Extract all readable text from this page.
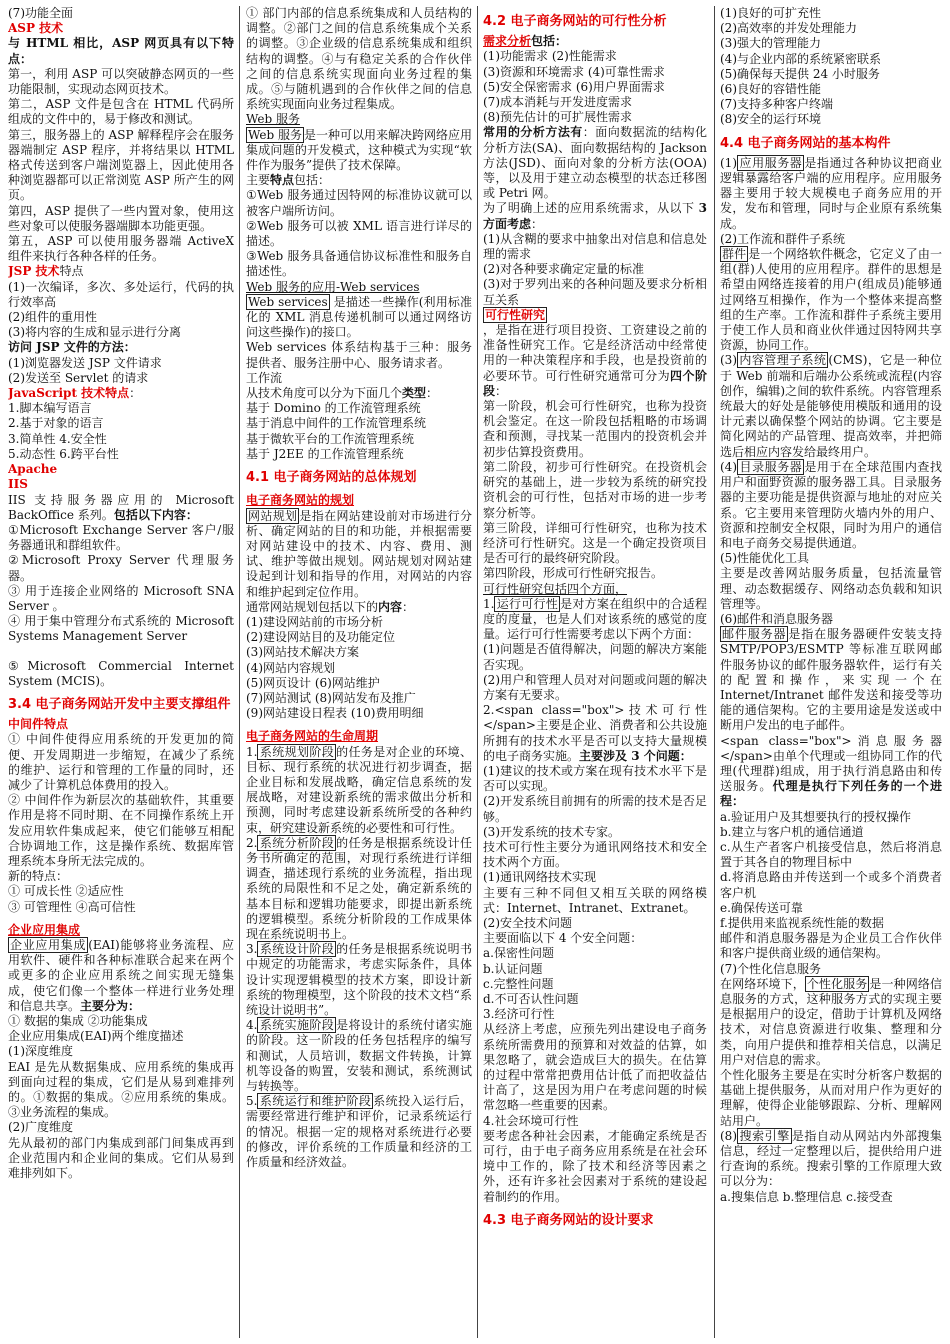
(7)功能全面

ASP 技术

与 HTML 相比，ASP 网页具有以下特点：

第一，利用 ASP 可以突破静态网页的一些功能限制，实现动态网页技术。

第二，ASP 文件是包含在 HTML 代码所组成的文件中的，易于修改和测试。

第三，服务器上的 ASP 解释程序会在服务器端制定 ASP 程序，并将结果以 HTML 格式传送到客户端浏览器上，因此使用各种浏览器都可以正常浏览 ASP 所产生的网页。

第四，ASP 提供了一些内置对象，使用这些对象可以使服务器端脚本功能更强。

第五，ASP 可以使用服务器端 ActiveX 组件来执行各种各样的任务。

JSP 技术特点

(1)一次编译，多次、多处运行，代码的执行效率高

(2)组件的重用性

(3)将内容的生成和显示进行分离

访问 JSP 文件的方法：

(1)浏览器发送 JSP 文件请求

(2)发送至 Servlet 的请求

JavaScript 技术特点：

1.脚本编写语言

2.基于对象的语言

3.简单性 4.安全性

5.动态性 6.跨平台性

Apache

IIS

IIS 支持服务器应用的 Microsoft BackOffice 系列。包括以下内容：

①Microsoft Exchange Server 客户/服务器通讯和群组软件。

②Microsoft Proxy Server 代理服务器。

③ 用于连接企业网络的 Microsoft SNA Server 。

④ 用于集中管理分布式系统的 Microsoft Systems Management Server

⑤Microsoft Commercial Internet System (MCIS)。

3.4 电子商务网站开发中主要支撑组件

中间件特点

① 中间件使得应用系统的开发更加的简便、开发周期进一步缩短，在减少了系统的维护、运行和管理的工作量的同时，还减少了计算机总体费用的投入。

② 中间件作为新层次的基础软件，其重要作用是将不同时期、在不同操作系统上开发应用软件集成起来，使它们能够互相配合协调地工作，这是操作系统、数据库管理系统本身所无法完成的。

新的特点：

① 可成长性 ②适应性

③ 可管理性 ④高可信性

企业应用集成

企业应用集成 (EAI)能够将业务流程、应用软件、硬件和各种标准联合起来在两个或更多的企业应用系统之间实现无缝集成，使它们像一个整体一样进行业务处理和信息共享。主要分为：

① 数据的集成 ②功能集成

企业应用集成(EAI)两个维度描述

(1)深度维度

EAI 是先从数据集成、应用系统的集成再到面向过程的集成，它们是从易到难排列的。①数据的集成。②应用系统的集成。 ③业务流程的集成。

(2)广度维度

先从最初的部门内集成到部门间集成再到企业范围内和企业间的集成。它们从易到难排列如下。

① 部门内部的信息系统集成和人员结构的调整。②部门之间的信息系统集成个关系的调整。③企业级的信息系统集成和组织结构的调整。④与有稳定关系的合作伙伴之间的信息系统实现面向业务过程的集成。⑤与随机遇到的合作伙伴之间的信息系统实现面向业务过程集成。

Web 服务

Web 服务 是一种可以用来解决跨网络应用集成问题的开发模式，这种模式为实现“软件作为服务”提供了技术保障。

主要特点包括：

①Web 服务通过因特网的标准协议就可以被客户端所访问。

②Web 服务可以被 XML 语言进行详尽的描述。

③Web 服务具备通信协议标准性和服务自描述性。

Web 服务的应用-Web services

Web services 是描述一些操作(利用标准化的 XML 消息传递机制可以通过网络访问这些操作)的接口。

Web services 体系结构基于三种：服务提供者、服务注册中心、服务请求者。

工作流

从技术角度可以分为下面几个类型：

基于 Domino 的工作流管理系统

基于消息中间件的工作流管理系统

基于微软平台的工作流管理系统

基于 J2EE 的工作流管理系统

4.1 电子商务网站的总体规划

电子商务网站的规划

网站规划 是指在网站建设前对市场进行分析、确定网站的目的和功能，并根据需要对网站建设中的技术、内容、费用、测试、维护等做出规划。网站规划对网站建设起到计划和指导的作用，对网站的内容和维护起到定位作用。

通常网站规划包括以下的内容：

(1)建设网站前的市场分析

(2)建设网站目的及功能定位

(3)网站技术解决方案

(4)网站内容规划

(5)网页设计 (6)网站维护

(7)网站测试 (8)网站发布及推广

(9)网站建设日程表 (10)费用明细

电子商务网站的生命周期

1. 系统规划阶段 的任务是对企业的环境、目标、现行系统的状况进行初步调查，据企业目标和发展战略，确定信息系统的发展战略，对建设新系统的需求做出分析和预测，同时考虑建设新系统所受的各种约束，研究建设新系统的必要性和可行性。

2. 系统分析阶段 的任务是根据系统设计任务书所确定的范围，对现行系统进行详细调查，描述现行系统的业务流程，指出现系统的局限性和不足之处，确定新系统的基本目标和逻辑功能要求，即提出新系统的逻辑模型。系统分析阶段的工作成果体现在系统说明书上。

3. 系统设计阶段 的任务是根据系统说明书中规定的功能需求，考虑实际条件，具体设计实现逻辑模型的技术方案，即设计新系统的物理模型，这个阶段的技术文档“系统设计说明书”。

4. 系统实施阶段 是将设计的系统付诸实施的阶段。这一阶段的任务包括程序的编写和测试，人员培训，数据文件转换，计算机等设备的购置，安装和测试，系统测试与转换等。

5. 系统运行和维护阶段 系统投入运行后，需要经常进行维护和评价，记录系统运行的情况。根据一定的规格对系统进行必要的修改，评价系统的工作质量和经济的工作质量和经济效益。

4.2 电子商务网站的可行性分析

需求分析包括：

(1)功能需求 (2)性能需求

(3)资源和环境需求 (4)可靠性需求

(5)安全保密需求 (6)用户界面需求

(7)成本消耗与开发进度需求

(8)预先估计的可扩展性需求

常用的分析方法有：面向数据流的结构化分析方法(SA)、面向数据结构的 Jackson 方法(JSD)、面向对象的分析方法(OOA)等，以及用于建立动态模型的状态迁移图或 Petri 网。

为了明确上述的应用系统需求，从以下 3 方面考虑：

(1)从含糊的要求中抽象出对信息和信息处理的需求

(2)对各种要求确定定量的标准

(3)对于罗列出来的各种问题及要求分析相互关系

可行性研究

，是指在进行项目投资、工资建设之前的准备性研究工作。它是经济活动中经常使用的一种决策程序和手段，也是投资前的必要环节。可行性研究通常可分为四个阶段：

第一阶段，机会可行性研究，也称为投资机会鉴定。在这一阶段包括粗略的市场调查和预测，寻找某一范围内的投资机会并初步估算投资费用。

第二阶段，初步可行性研究。在投资机会研究的基础上，进一步较为系统的研究投资机会的可行性，包括对市场的进一步考察分析等。

第三阶段，详细可行性研究，也称为技术经济可行性研究。这是一个确定投资项目是否可行的最终研究阶段。

第四阶段，形成可行性研究报告。

可行性研究包括四个方面，

1. 运行可行性 是对方案在组织中的合适程度的度量，也是人们对该系统的感觉的度量。运行可行性需要考虑以下两个方面：

(1)问题是否值得解决，问题的解决方案能否实现。

(2)用户和管理人员对对问题或问题的解决方案有无要求。

2.<span class="box">技术可行性</span>主要是企业、消费者和公共设施所拥有的技术水平是否可以支持大量规模的电子商务实施。主要涉及 3 个问题：

(1)建议的技术或方案在现有技术水平下是否可以实现。

(2)开发系统目前拥有的所需的技术是否足够。

(3)开发系统的技术专家。

技术可行性主要分为通讯网络技术和安全技术两个方面。

(1)通讯网络技术实现

主要有三种不同但又相互关联的网络模式：Internet、Intranet、Extranet。

(2)安全技术问题

主要面临以下 4 个安全问题：

a.保密性问题

b.认证问题

c.完整性问题

d.不可否认性问题

3.经济可行性

从经济上考虑，应预先列出建设电子商务系统所需费用的预算和对效益的估算，如果忽略了，就会造成巨大的损失。在估算的过程中常常把费用估计低了而把收益估计高了，这是因为用户在考虑问题的时候常忽略一些重要的因素。

4.社会环境可行性

要考虑各种社会因素，才能确定系统是否可行，由于电子商务应用系统是在社会环境中工作的，除了技术和经济等因素之外，还有许多社会因素对于系统的建设起着制约的作用。

4.3 电子商务网站的设计要求

(1)良好的可扩充性

(2)高效率的并发处理能力

(3)强大的管理能力

(4)与企业内部的系统紧密联系

(5)确保每天提供 24 小时服务

(6)良好的容错性能

(7)支持多种客户终端

(8)安全的运行环境

4.4 电子商务网站的基本构件

(1) 应用服务器 是指通过各种协议把商业逻辑暴露给客户端的应用程序。应用服务器主要用于较大规模电子商务应用的开发，发布和管理，同时与企业原有系统集成。

(2)工作流和群件子系统

群件 是一个网络软件概念，它定义了由一组(群)人使用的应用程序。群件的思想是希望由网络连接着的用户(组成员)能够通过网络互相操作，作为一个整体来提高整组的生产率。工作流和群件子系统主要用于使工作人员和商业伙伴通过因特网共享资源，协同工作。

(3) 内容管理子系统 (CMS)，它是一种位于 Web 前端和后端办公系统或流程(内容创作，编辑)之间的软件系统。内容管理系统最大的好处是能够使用模版和通用的设计元素以确保整个网站的协调。它主要是简化网站的产品管理、提高效率，并把筛选后相应内容发给最终用户。

(4) 目录服务器 是用于在全球范围内查找用户和面野资源的服务器工具。目录服务器的主要功能是提供资源与地址的对应关系。它主要用来管理防火墙内外的用户、资源和控制安全权限，同时为用户的通信和电子商务交易提供通道。

(5)性能优化工具

主要是改善网站服务质量，包括流量管理、动态数据缓存、网络动态负载和知识管理等。

(6)邮件和消息服务器

邮件服务器 是指在服务器硬件安装支持 SMTP/POP3/ESMTP 等标准互联网邮件服务协议的邮件服务器软件，运行有关的配置和操作，来实现一个在 Internet/Intranet 邮件发送和接受等功能的通信架构。它的主要用途是发送或中断用户发出的电子邮件。

<span class="box">消息服务器</span>由单个代理或一组协同工作的代理(代理群)组成，用于执行消息路由和传送服务。代理是执行下列任务的一个进程：

a.验证用户及其想要执行的授权操作

b.建立与客户机的通信通道

c.从生产者客户机接受信息，然后将消息置于其各自的物理目标中

d.将消息路由并传送到一个或多个消费者客户机

e.确保传送可靠

f.提供用来监视系统性能的数据

邮件和消息服务器是为企业员工合作伙伴和客户提供商业级的通信架构。

(7)个性化信息服务

在网络环境下， 个性化服务 是一种网络信息服务的方式，这种服务方式的实现主要是根据用户的设定，借助于计算机及网络技术，对信息资源进行收集、整理和分类，向用户提供和推荐相关信息，以满足用户对信息的需求。

个性化服务主要是在实时分析客户数据的基础上提供服务，从而对用户作为更好的理解，使得企业能够跟踪、分析、理解网站用户。

(8) 搜索引擎 是指自动从网站内外部搜集信息，经过一定整理以后，提供给用户进行查询的系统。搜索引擎的工作原理大致可以分为：

a.搜集信息 b.整理信息 c.接受查
